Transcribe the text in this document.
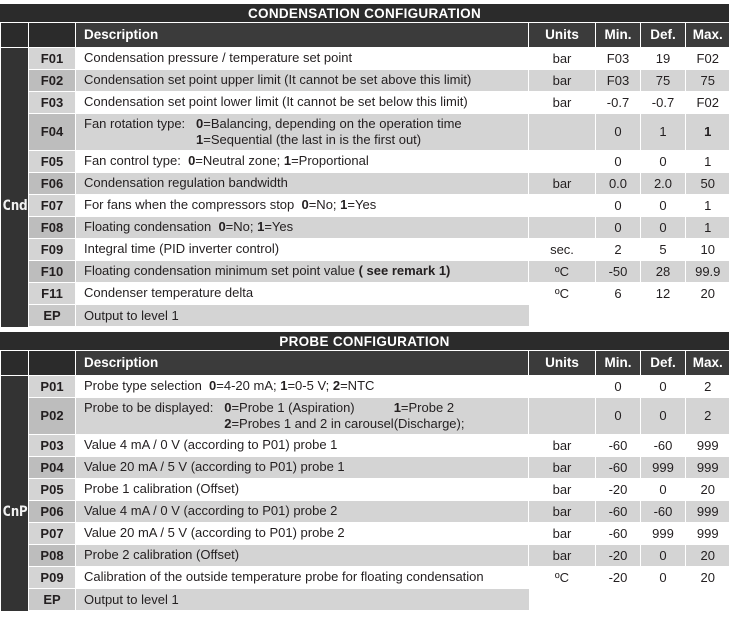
CONDENSATION CONFIGURATION
		Description	Units	Min.	Def.	Max.
	F01	Condensation pressure / temperature set point	bar	F03	19	F02
	F02	Condensation set point upper limit (It cannot be set above this limit)	bar	F03	75	75
	F03	Condensation set point lower limit (It cannot be set below this limit)	bar	-0.7	-0.7	F02
	F04	Fan rotation type: 0=Balancing, depending on the operation time
1=Sequential (the last in is the first out)		0	1	1
	F05	Fan control type:  0=Neutral zone; 1=Proportional		0	0	1
	F06	Condensation regulation bandwidth	bar	0.0	2.0	50

Cnd	F07	For fans when the compressors stop  0=No; 1=Yes		0	0	1
	F08	Floating condensation  0=No; 1=Yes		0	0	1
	F09	Integral time (PID inverter control)	sec.	2	5	10
	F10	Floating condensation minimum set point value ( see remark 1)	ºC	-50	28	99.9
	F11	Condenser temperature delta	ºC	6	12	20
	EP	Output to level 1
PROBE CONFIGURATION
		Description	Units	Min.	Def.	Max.
	P01	Probe type selection  0=4-20 mA; 1=0-5 V; 2=NTC		0	0	2
	P02	
Probe to be displayed: 0=Probe 1 (Aspiration)
2=Probes 1 and 2 in carousel
1=Probe 2 (Discharge);		0	0	2
	P03	Value 4 mA / 0 V (according to P01) probe 1	bar	-60	-60	999
	P04	Value 20 mA / 5 V (according to P01) probe 1	bar	-60	999	999
	P05	Probe 1 calibration (Offset)	bar	-20	0	20

CnP	P06	Value 4 mA / 0 V (according to P01) probe 2	bar	-60	-60	999
	P07	Value 20 mA / 5 V (according to P01) probe 2	bar	-60	999	999
	P08	Probe 2 calibration (Offset)	bar	-20	0	20
	P09	Calibration of the outside temperature probe for floating condensation	ºC	-20	0	20
	EP	Output to level 1
